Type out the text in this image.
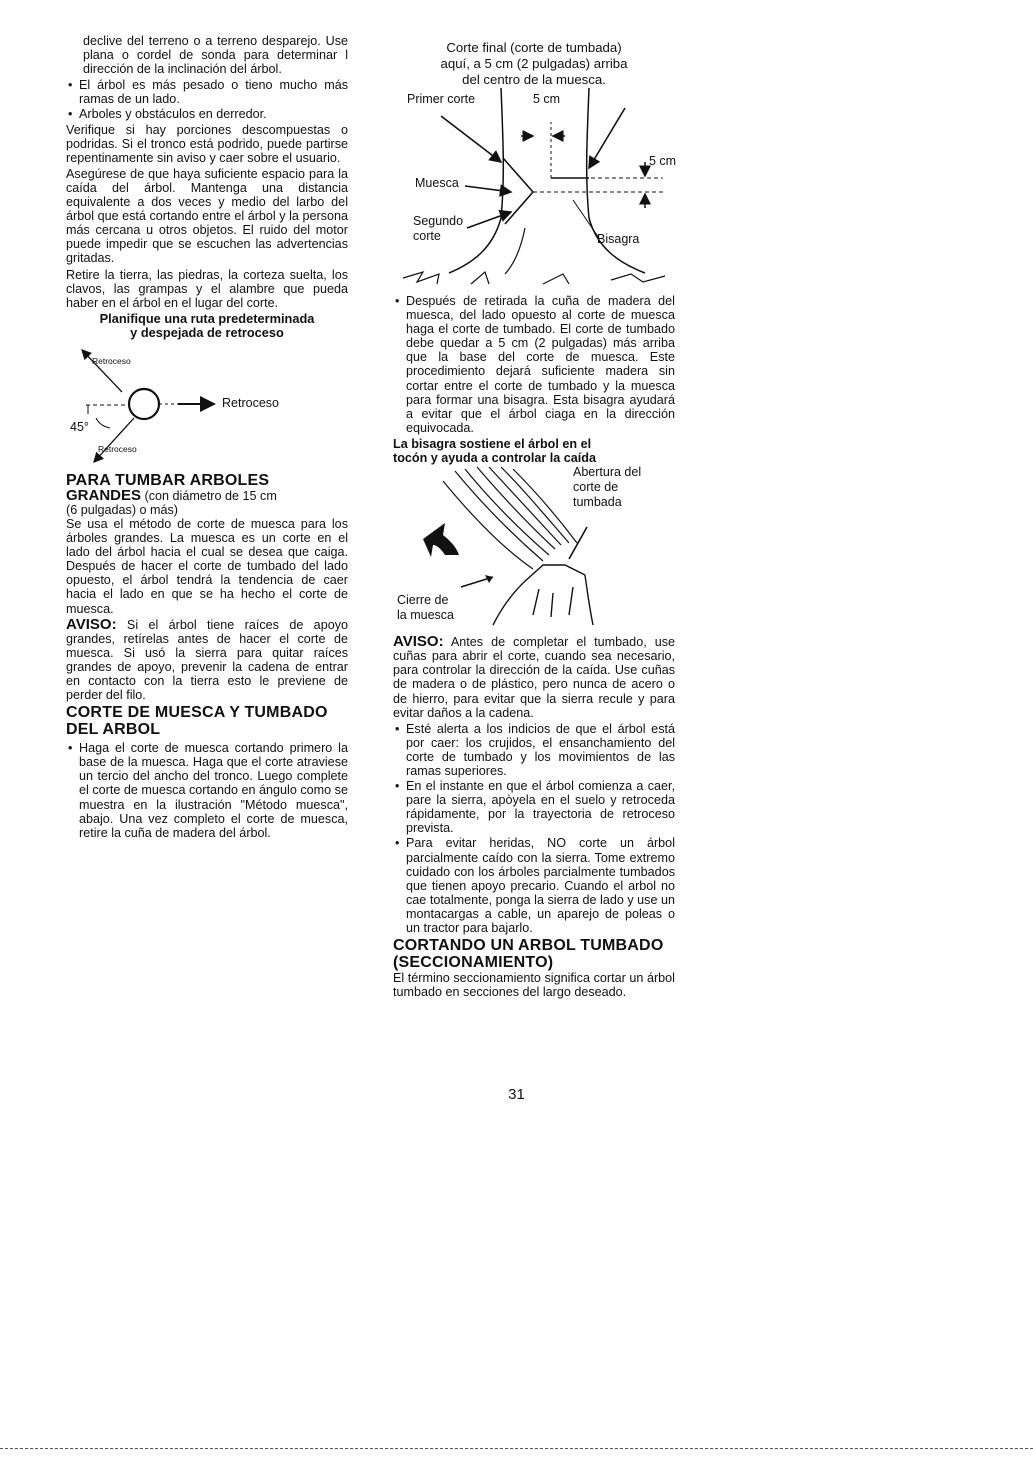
declive del terreno o a terreno desparejo. Use plana o cordel de sonda para determinar l dirección de la inclinación del árbol.

• El árbol es más pesado o tieno mucho más ramas de un lado.
• Arboles y obstáculos en derredor.

Verifique si hay porciones descompuestas o podridas. Si el tronco está podrido, puede partirse repentinamente sin aviso y caer sobre el usuario.

Asegúrese de que haya suficiente espacio para la caída del árbol. Mantenga una distancia equivalente a dos veces y medio del larbo del árbol que está cortando entre el árbol y la persona más cercana u otros objetos. El ruido del motor puede impedir que se escuchen las advertencias gritadas.

Retire la tierra, las piedras, la corteza suelta, los clavos, las grampas y el alambre que pueda haber en el árbol en el lugar del corte.

Planifique una ruta predeterminada
y despejada de retroceso
Retroceso
Retroceso
45°
Retroceso
PARA TUMBAR ARBOLES
GRANDES (con diámetro de 15 cm
(6 pulgadas) o más)

Se usa el método de corte de muesca para los árboles grandes. La muesca es un corte en el lado del árbol hacia el cual se desea que caiga. Después de hacer el corte de tumbado del lado opuesto, el árbol tendrá la tendencia de caer hacia el lado en que se ha hecho el corte de muesca.

AVISO: Si el árbol tiene raíces de apoyo grandes, retírelas antes de hacer el corte de muesca. Si usó la sierra para quitar raíces grandes de apoyo, prevenir la cadena de entrar en contacto con la tierra esto le previene de perder del filo.

CORTE DE MUESCA Y TUMBADO
DEL ARBOL
• Haga el corte de muesca cortando primero la base de la muesca. Haga que el corte atraviese un tercio del ancho del tronco. Luego complete el corte de muesca cortando en ángulo como se muestra en la ilustración "Método muesca", abajo. Una vez completo el corte de muesca, retire la cuña de madera del árbol.
Corte final (corte de tumbada)
aquí, a 5 cm (2 pulgadas) arriba
del centro de la muesca.
Primer corte	5 cm
5 cm
Muesca
Segundo
corte	Bisagra
• Después de retirada la cuña de madera del muesca, del lado opuesto al corte de muesca haga el corte de tumbado. El corte de tumbado debe quedar a 5 cm (2 pulgadas) más arriba que la base del corte de muesca. Este procedimiento dejará suficiente madera sin cortar entre el corte de tumbado y la muesca para formar una bisagra. Esta bisagra ayudará a evitar que el árbol ciaga en la dirección equivocada.
La bisagra sostiene el árbol en el
tocón y ayuda a controlar la caída
Abertura del
corte de
tumbada
Cierre de
la muesca

AVISO: Antes de completar el tumbado, use cuñas para abrir el corte, cuando sea necesario, para controlar la dirección de la caída. Use cuñas de madera o de plástico, pero nunca de acero o de hierro, para evitar que la sierra recule y para evitar daños a la cadena.

• Esté alerta a los indicios de que el árbol está por caer: los crujidos, el ensanchamiento del corte de tumbado y los movimientos de las ramas superiores.
• En el instante en que el árbol comienza a caer, pare la sierra, apòyela en el suelo y retroceda rápidamente, por la trayectoria de retroceso prevista.
• Para evitar heridas, NO corte un árbol parcialmente caído con la sierra. Tome extremo cuidado con los árboles parcialmente tumbados que tienen apoyo precario. Cuando el arbol no cae totalmente, ponga la sierra de lado y use un montacargas a cable, un aparejo de poleas o un tractor para bajarlo.
CORTANDO UN ARBOL TUMBADO
(SECCIONAMIENTO)

El término seccionamiento significa cortar un árbol tumbado en secciones del largo deseado.

31
